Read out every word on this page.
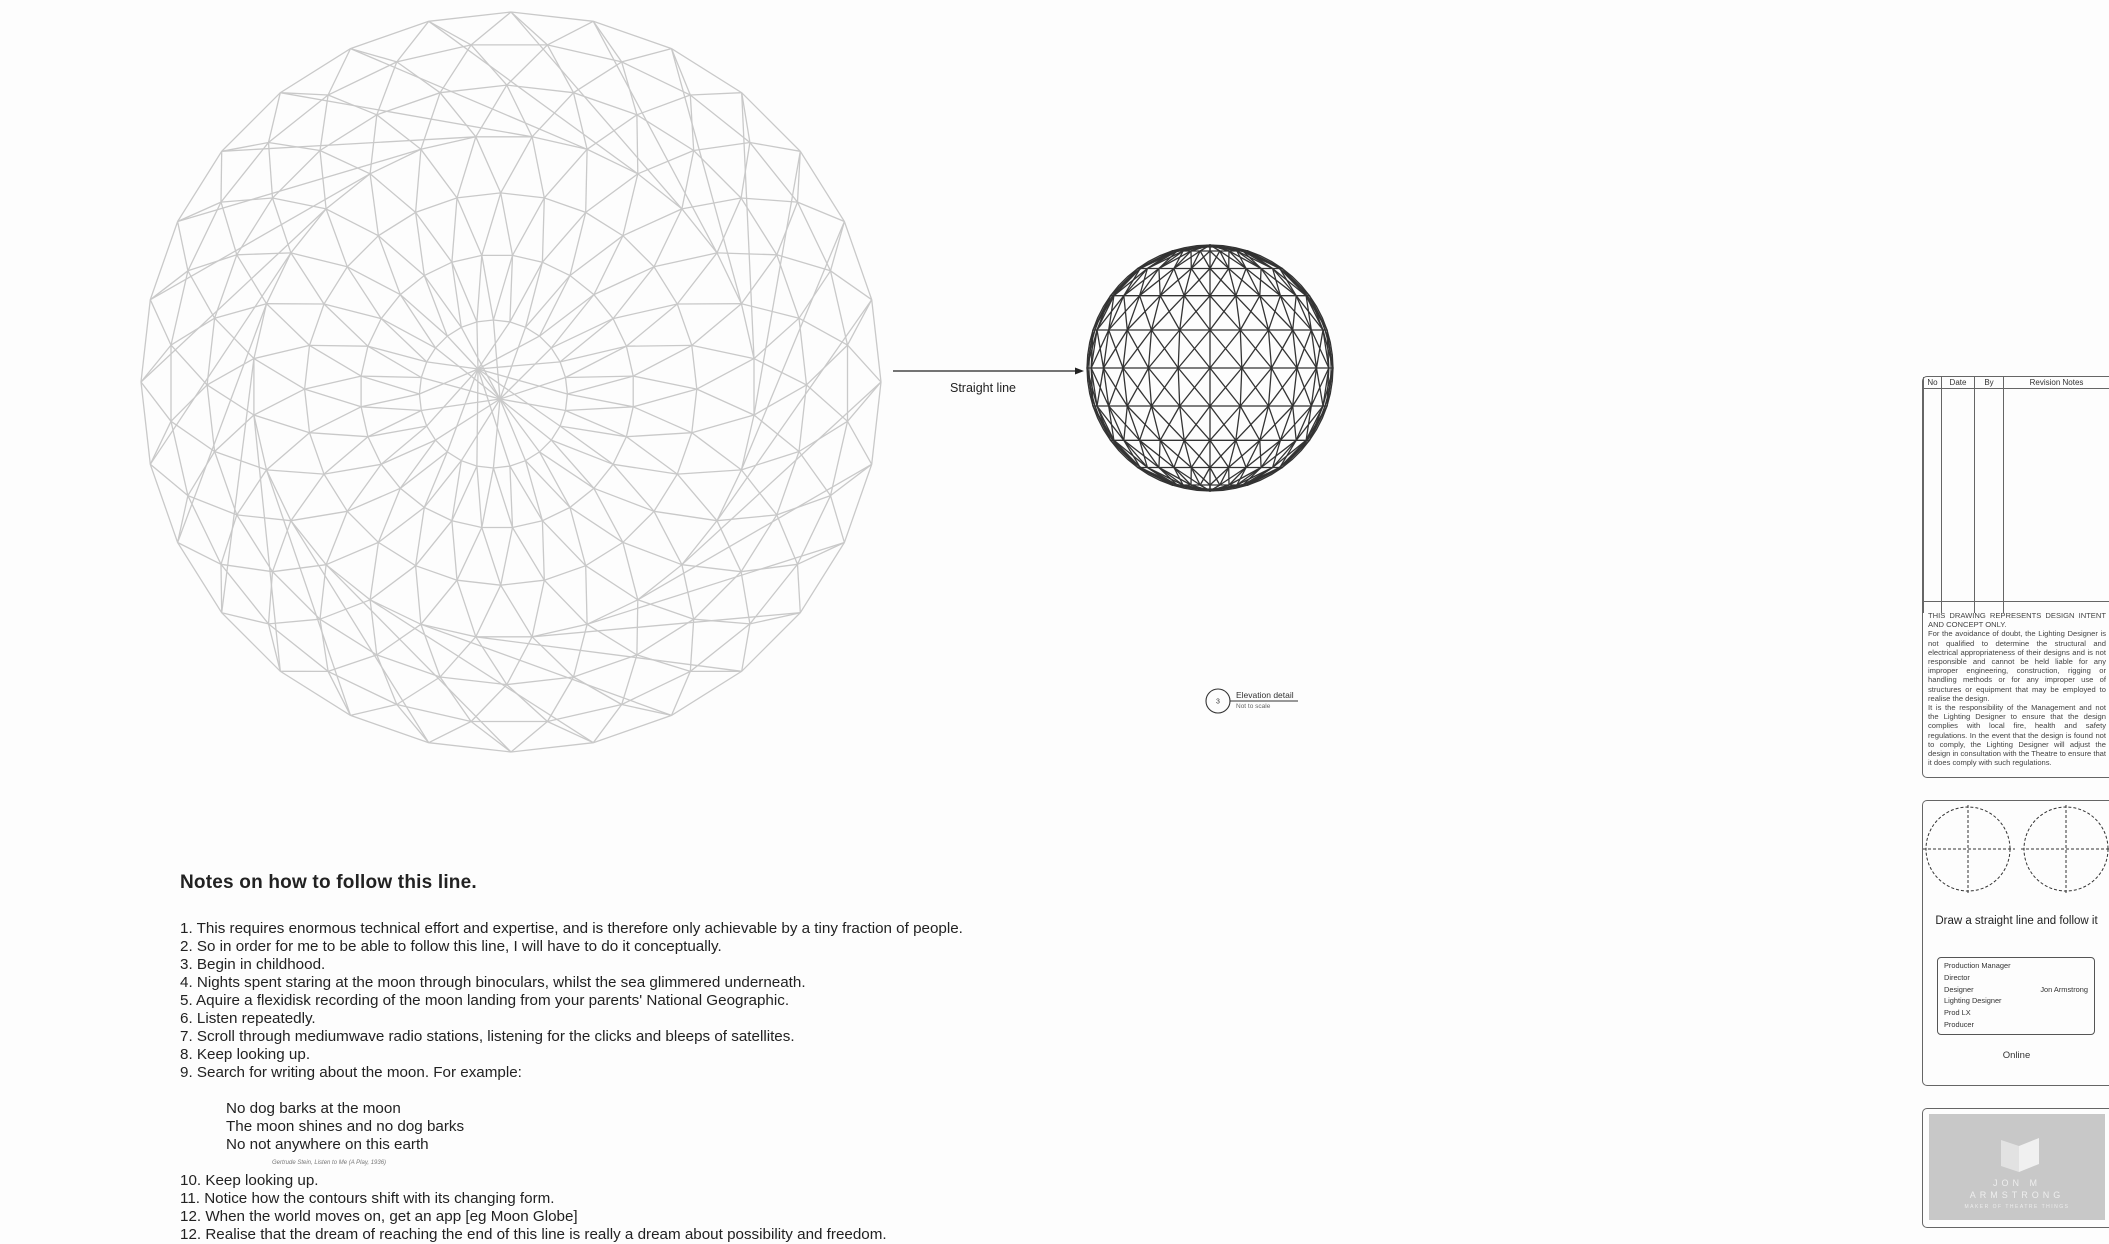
Straight line
3
Elevation detail
Not to scale
Notes on how to follow this line.
1. This requires enormous technical effort and expertise, and is therefore only achievable by a tiny fraction of people.
2. So in order for me to be able to follow this line, I will have to do it conceptually.
3. Begin in childhood.
4. Nights spent staring at the moon through binoculars, whilst the sea glimmered underneath.
5. Aquire a flexidisk recording of the moon landing from your parents' National Geographic.
6. Listen repeatedly.
7. Scroll through mediumwave radio stations, listening for the clicks and bleeps of satellites.
8. Keep looking up.
9. Search for writing about the moon. For example:
No dog barks at the moon
The moon shines and no dog barks
No not anywhere on this earth
Gertrude Stein, Listen to Me (A Play, 1936)
10. Keep looking up.
11. Notice how the contours shift with its changing form.
12. When the world moves on, get an app [eg Moon Globe]
12. Realise that the dream of reaching the end of this line is really a dream about possibility and freedom.
No	Date	By	Revision Notes

THIS DRAWING REPRESENTS DESIGN INTENT AND CONCEPT ONLY.
For the avoidance of doubt, the Lighting Designer is not qualified to determine the structural and electrical appropriateness of their designs and is not responsible and cannot be held liable for any improper engineering, construction, rigging or handling methods or for any improper use of structures or equipment that may be employed to realise the design.
It is the responsibility of the Management and not the Lighting Designer to ensure that the design complies with local fire, health and safety regulations. In the event that the design is found not to comply, the Lighting Designer will adjust the design in consultation with the Theatre to ensure that it does comply with such regulations.
Draw a straight line and follow it
Production Manager
Director
Designer	Jon Armstrong
Lighting Designer
Prod LX
Producer
Online
JON M
ARMSTRONG
MAKER OF THEATRE THINGS
